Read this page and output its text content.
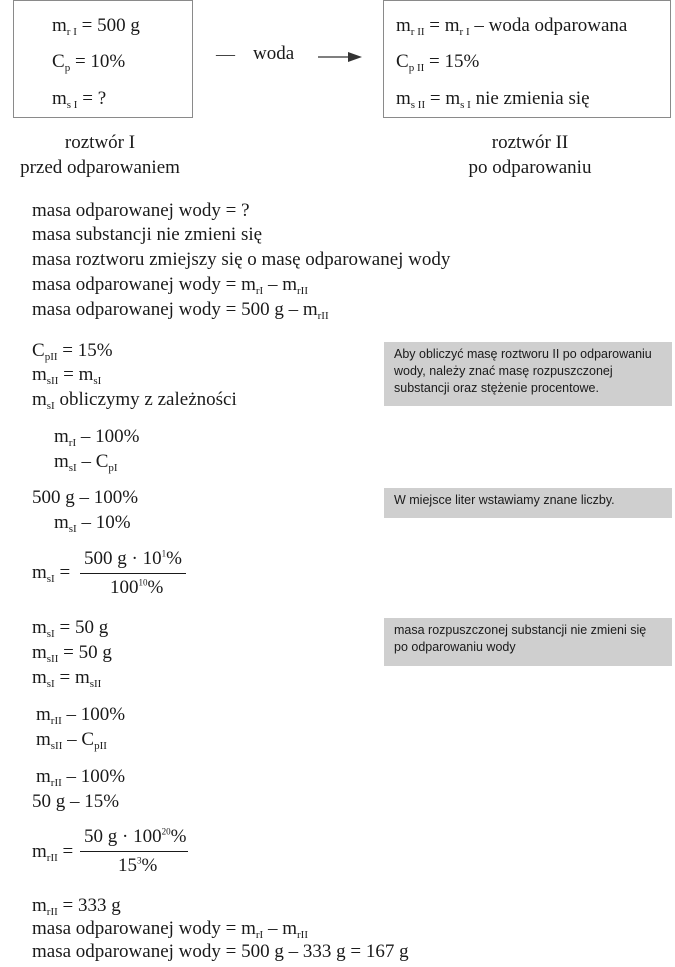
$m_{r I} = 500$ g
$C_p = 10\%$
$m_{s I}$ = ?
— woda
$m_{r II} = m_{r I}$ – woda odparowana
$C_{p II} = 15\%$
$m_{s II} = m_{s I}$ nie zmienia się
roztwór I
przed odparowaniem
roztwór II
po odparowaniu
masa odparowanej wody = ?
masa substancji nie zmieni się
masa roztworu zmiejszy się o masę odparowanej wody
masa odparowanej wody = $m_{rI} - m_{rII}$
masa odparowanej wody = 500 g – $m_{rII}$
$C_{pII} = 15\%$
$m_{sII} = m_{sI}$
$m_{sI}$ obliczymy z zależności
$m_{rI} - 100\%$
$m_{sI} - C_{pI}$
500 g – 100%
$m_{sI} - 10\%$
$m_{sI}$ =
500 $g \cdot 10^1\%$
$100^{10}\%$
$m_{sI} = 50$ g
$m_{sII} = 50$ g
$m_{sI} = m_{sII}$
$m_{rII} - 100\%$
$m_{sII} - C_{pII}$
$m_{rII} - 100\%$
50 g – 15%
$m_{rII}$ =
50 $g \cdot 100^{20}\%$
$15^3\%$
$m_{rII} = 333$ g
masa odparowanej wody = $m_{rI} - m_{rII}$
masa odparowanej wody = 500 g – 333 g = 167 g
Aby obliczyć masę roztworu II po odparowaniu wody, należy znać masę rozpuszczonej substancji oraz stężenie procentowe.
W miejsce liter wstawiamy znane liczby.
masa rozpuszczonej substancji nie zmieni się po odparowaniu wody
